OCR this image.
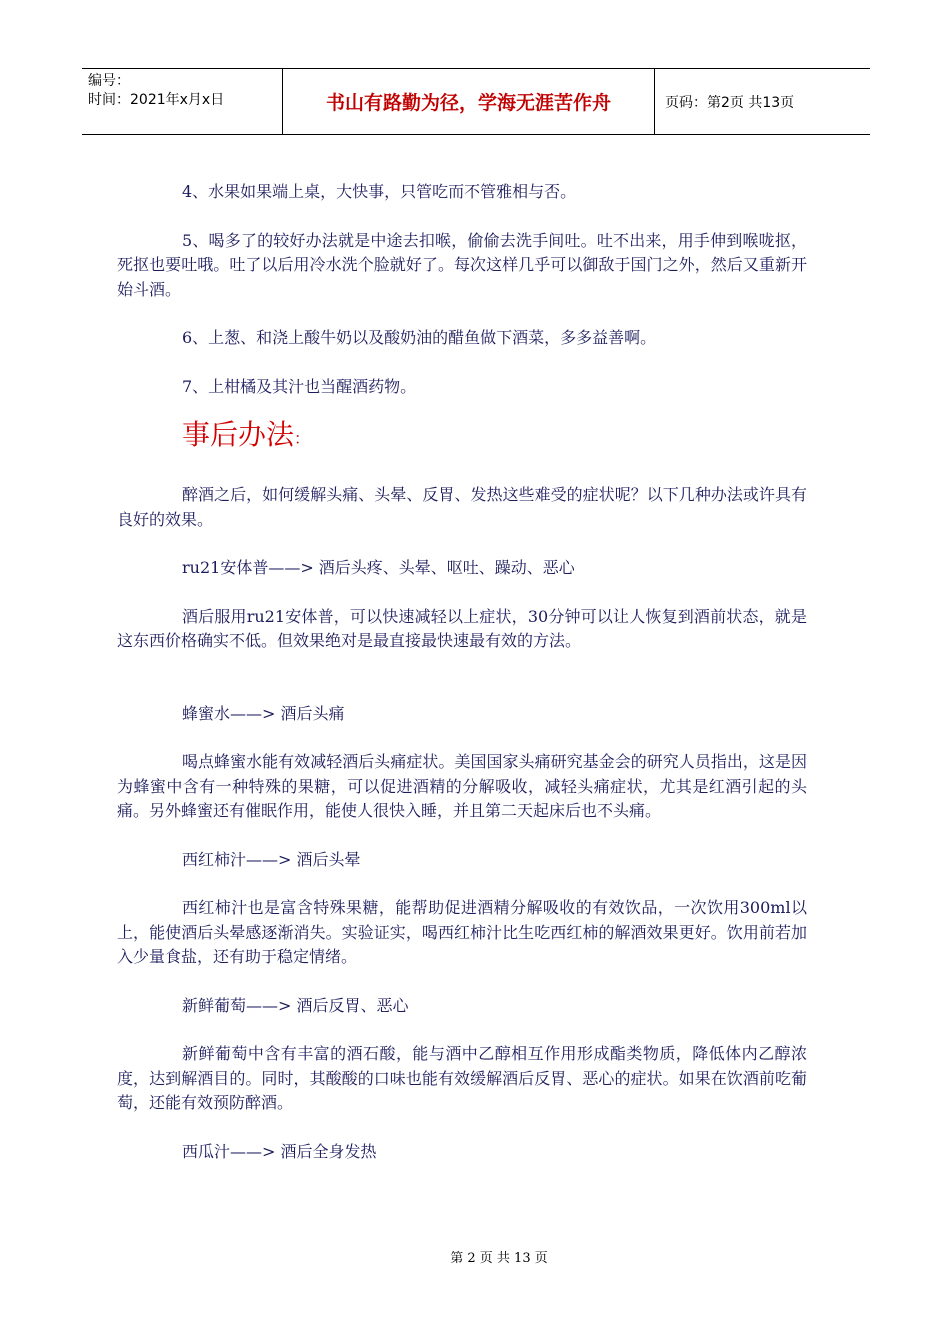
编号：
时间：2021年x月x日	书山有路勤为径，学海无涯苦作舟	页码：第2页 共13页

4、水果如果端上桌，大快事，只管吃而不管雅相与否。

5、喝多了的较好办法就是中途去扣喉，偷偷去洗手间吐。吐不出来，用手伸到喉咙抠，死抠也要吐哦。吐了以后用冷水洗个脸就好了。每次这样几乎可以御敌于国门之外，然后又重新开始斗酒。

6、上葱、和浇上酸牛奶以及酸奶油的醋鱼做下酒菜，多多益善啊。

7、上柑橘及其汁也当醒酒药物。

事后办法：

醉酒之后，如何缓解头痛、头晕、反胃、发热这些难受的症状呢？以下几种办法或许具有良好的效果。

ru21安体普——> 酒后头疼、头晕、呕吐、躁动、恶心

酒后服用ru21安体普，可以快速减轻以上症状，30分钟可以让人恢复到酒前状态，就是这东西价格确实不低。但效果绝对是最直接最快速最有效的方法。

蜂蜜水——> 酒后头痛

喝点蜂蜜水能有效减轻酒后头痛症状。美国国家头痛研究基金会的研究人员指出，这是因为蜂蜜中含有一种特殊的果糖，可以促进酒精的分解吸收，减轻头痛症状，尤其是红酒引起的头痛。另外蜂蜜还有催眠作用，能使人很快入睡，并且第二天起床后也不头痛。

西红柿汁——> 酒后头晕

西红柿汁也是富含特殊果糖，能帮助促进酒精分解吸收的有效饮品，一次饮用300ml以上，能使酒后头晕感逐渐消失。实验证实，喝西红柿汁比生吃西红柿的解酒效果更好。饮用前若加入少量食盐，还有助于稳定情绪。

新鲜葡萄——> 酒后反胃、恶心

新鲜葡萄中含有丰富的酒石酸，能与酒中乙醇相互作用形成酯类物质，降低体内乙醇浓度，达到解酒目的。同时，其酸酸的口味也能有效缓解酒后反胃、恶心的症状。如果在饮酒前吃葡萄，还能有效预防醉酒。

西瓜汁——> 酒后全身发热

第 2 页 共 13 页
